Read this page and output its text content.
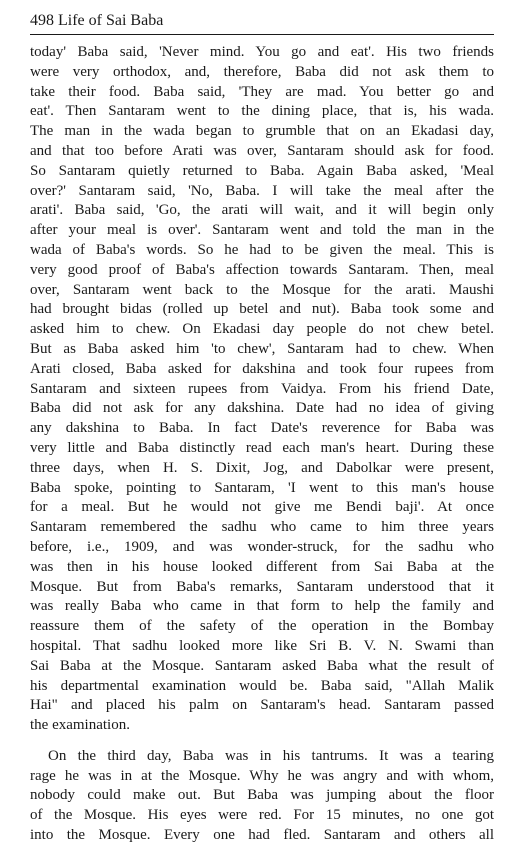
498 Life of Sai Baba
today' Baba said, 'Never mind. You go and eat'. His two friends
were very orthodox, and, therefore, Baba did not ask them to
take their food. Baba said, 'They are mad. You better go and
eat'. Then Santaram went to the dining place, that is, his wada.
The man in the wada began to grumble that on an Ekadasi day,
and that too before Arati was over, Santaram should ask for food.
So Santaram quietly returned to Baba. Again Baba asked, 'Meal
over?' Santaram said, 'No, Baba. I will take the meal after the
arati'. Baba said, 'Go, the arati will wait, and it will begin only
after your meal is over'. Santaram went and told the man in the
wada of Baba's words. So he had to be given the meal. This is
very good proof of Baba's affection towards Santaram. Then, meal
over, Santaram went back to the Mosque for the arati. Maushi
had brought bidas (rolled up betel and nut). Baba took some and
asked him to chew. On Ekadasi day people do not chew betel.
But as Baba asked him 'to chew', Santaram had to chew. When
Arati closed, Baba asked for dakshina and took four rupees from
Santaram and sixteen rupees from Vaidya. From his friend Date,
Baba did not ask for any dakshina. Date had no idea of giving
any dakshina to Baba. In fact Date's reverence for Baba was
very little and Baba distinctly read each man's heart. During these
three days, when H. S. Dixit, Jog, and Dabolkar were present,
Baba spoke, pointing to Santaram, 'I went to this man's house
for a meal. But he would not give me Bendi baji'. At once
Santaram remembered the sadhu who came to him three years
before, i.e., 1909, and was wonder-struck, for the sadhu who
was then in his house looked different from Sai Baba at the
Mosque. But from Baba's remarks, Santaram understood that it
was really Baba who came in that form to help the family and
reassure them of the safety of the operation in the Bombay
hospital. That sadhu looked more like Sri B. V. N. Swami than
Sai Baba at the Mosque. Santaram asked Baba what the result of
his departmental examination would be. Baba said, "Allah Malik
Hai" and placed his palm on Santaram's head. Santaram passed
the examination.
On the third day, Baba was in his tantrums. It was a tearing
rage he was in at the Mosque. Why he was angry and with whom,
nobody could make out. But Baba was jumping about the floor
of the Mosque. His eyes were red. For 15 minutes, no one got
into the Mosque. Every one had fled. Santaram and others all
